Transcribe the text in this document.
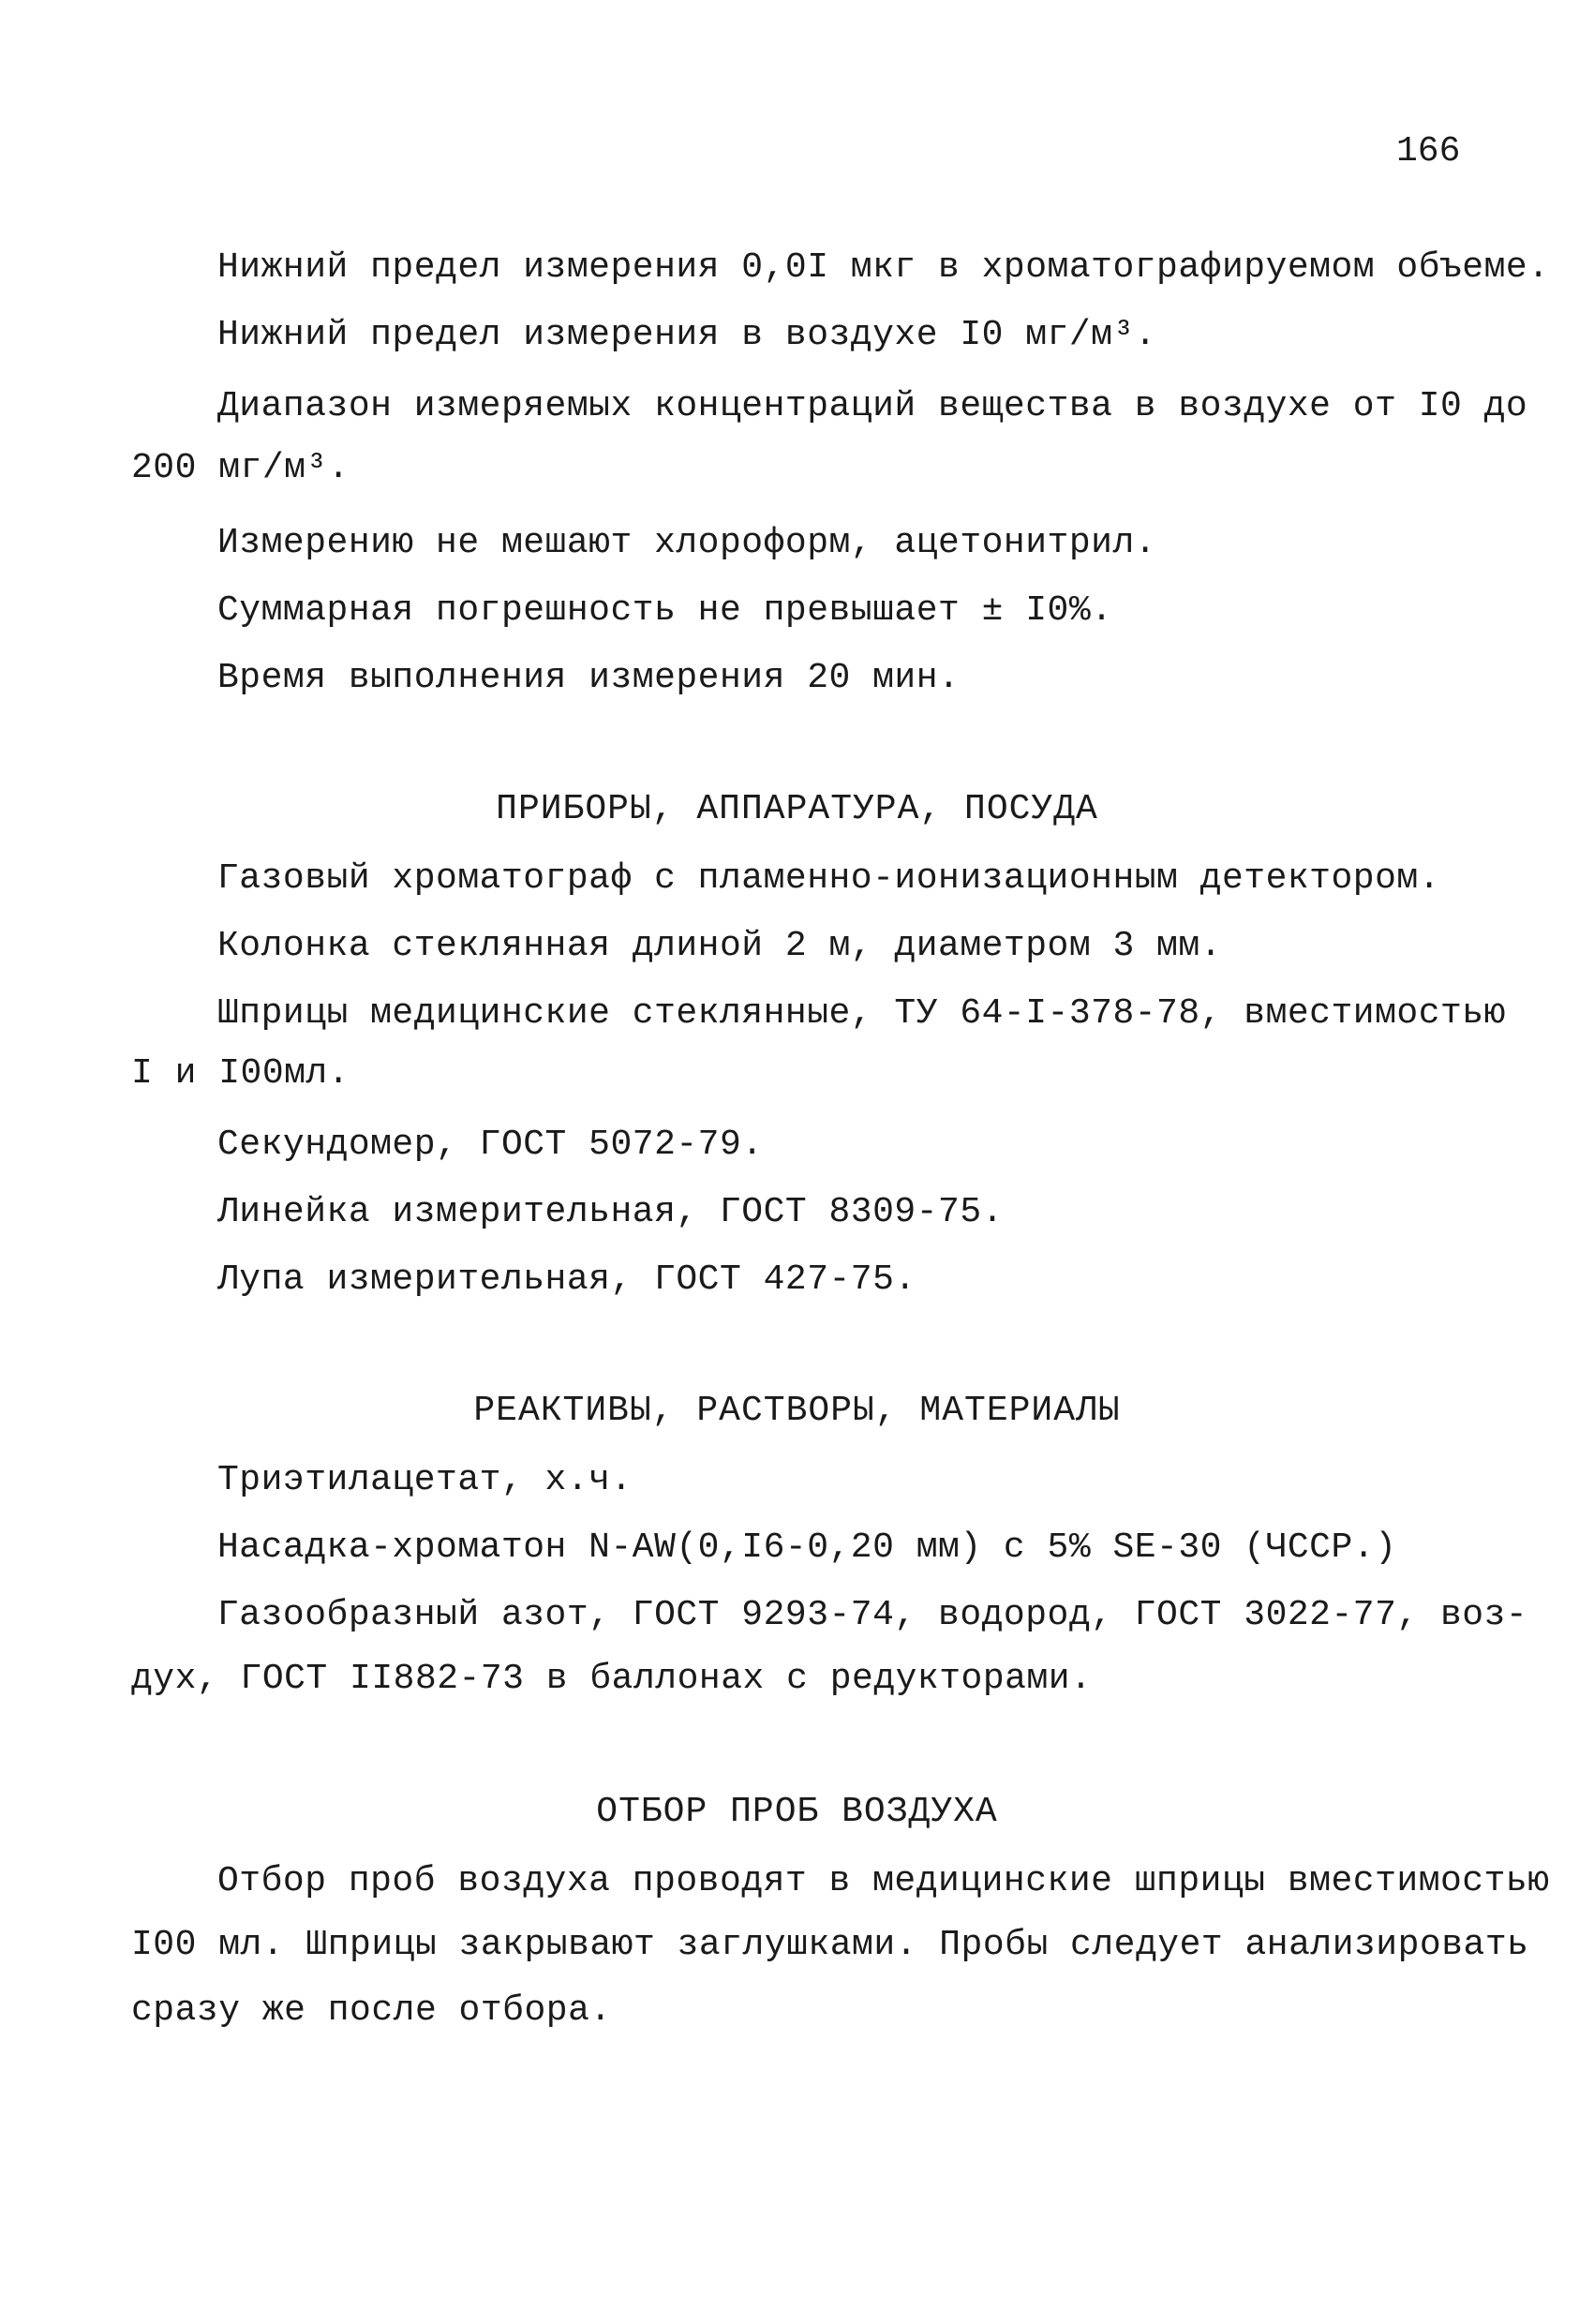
166
Нижний предел измерения 0,0I мкг в хроматографируемом объеме.
Нижний предел измерения в воздухе I0 мг/м³.
Диапазон измеряемых концентраций вещества в воздухе от I0 до
200 мг/м³.
Измерению не мешают хлороформ, ацетонитрил.
Суммарная погрешность не превышает ± I0%.
Время выполнения измерения 20 мин.
ПРИБОРЫ, АППАРАТУРА, ПОСУДА
Газовый хроматограф с пламенно-ионизационным детектором.
Колонка стеклянная длиной 2 м, диаметром 3 мм.
Шприцы медицинские стеклянные, ТУ 64-I-378-78, вместимостью
I и I00мл.
Секундомер, ГОСТ 5072-79.
Линейка измерительная, ГОСТ 8309-75.
Лупа измерительная, ГОСТ 427-75.
РЕАКТИВЫ, РАСТВОРЫ, МАТЕРИАЛЫ
Триэтилацетат, х.ч.
Насадка-хроматон N-AW(0,I6-0,20 мм) с 5% SE-30 (ЧССР.)
Газообразный азот, ГОСТ 9293-74, водород, ГОСТ 3022-77, воз-
дух, ГОСТ II882-73 в баллонах с редукторами.
ОТБОР ПРОБ ВОЗДУХА
Отбор проб воздуха проводят в медицинские шприцы вместимостью
I00 мл. Шприцы закрывают заглушками. Пробы следует анализировать
сразу же после отбора.
